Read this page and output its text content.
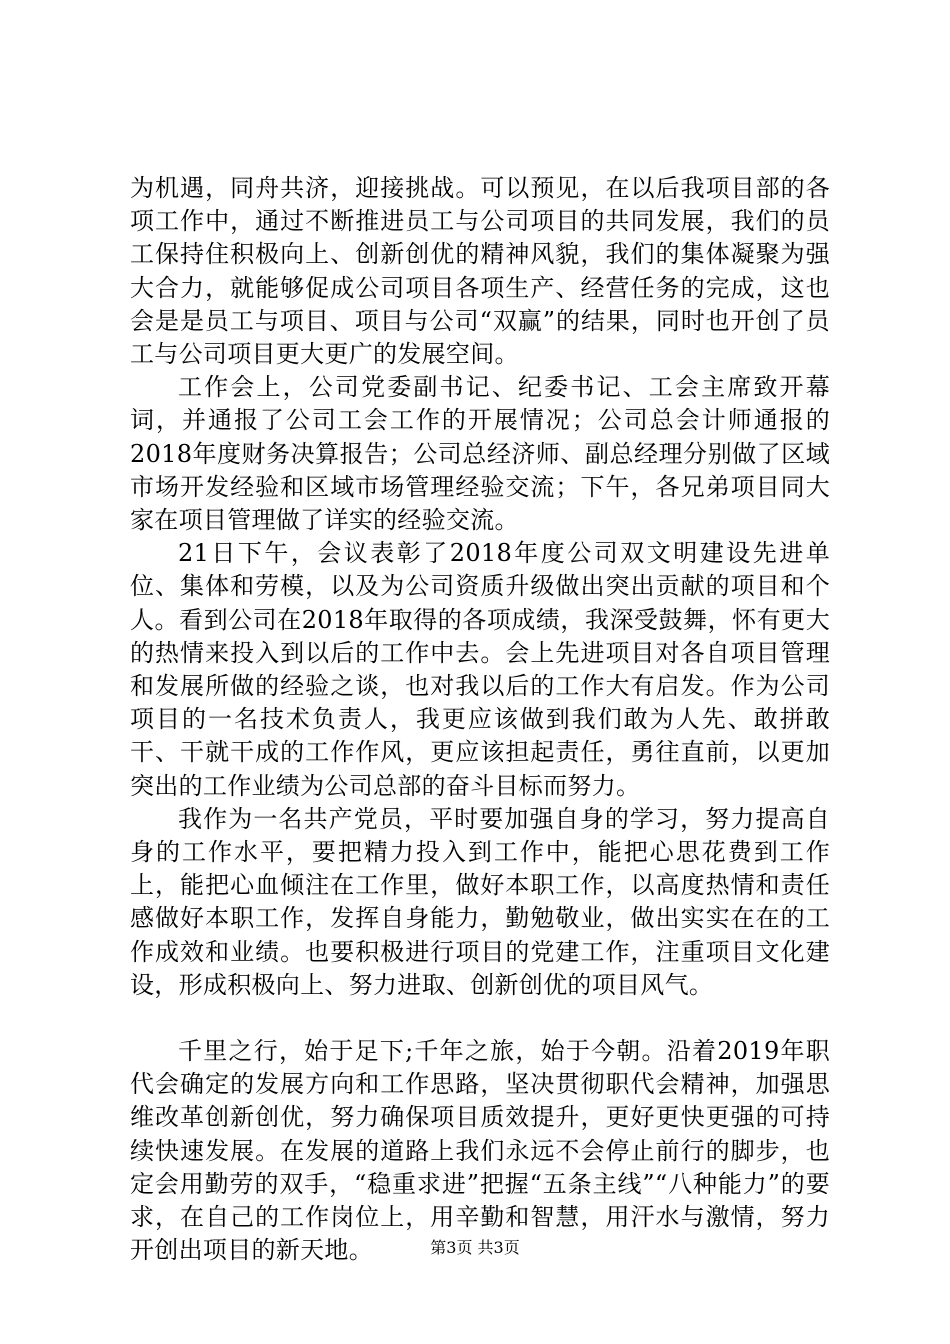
为机遇，同舟共济，迎接挑战。可以预见，在以后我项目部的各项工作中，通过不断推进员工与公司项目的共同发展，我们的员工保持住积极向上、创新创优的精神风貌，我们的集体凝聚为强大合力，就能够促成公司项目各项生产、经营任务的完成，这也会是是员工与项目、项目与公司“双赢”的结果，同时也开创了员工与公司项目更大更广的发展空间。

工作会上，公司党委副书记、纪委书记、工会主席致开幕词，并通报了公司工会工作的开展情况；公司总会计师通报的2018年度财务决算报告；公司总经济师、副总经理分别做了区域市场开发经验和区域市场管理经验交流；下午，各兄弟项目同大家在项目管理做了详实的经验交流。

21日下午，会议表彰了2018年度公司双文明建设先进单位、集体和劳模，以及为公司资质升级做出突出贡献的项目和个人。看到公司在2018年取得的各项成绩，我深受鼓舞，怀有更大的热情来投入到以后的工作中去。会上先进项目对各自项目管理和发展所做的经验之谈，也对我以后的工作大有启发。作为公司项目的一名技术负责人，我更应该做到我们敢为人先、敢拼敢干、干就干成的工作作风，更应该担起责任，勇往直前，以更加突出的工作业绩为公司总部的奋斗目标而努力。

我作为一名共产党员，平时要加强自身的学习，努力提高自身的工作水平，要把精力投入到工作中，能把心思花费到工作上，能把心血倾注在工作里，做好本职工作，以高度热情和责任感做好本职工作，发挥自身能力，勤勉敬业，做出实实在在的工作成效和业绩。也要积极进行项目的党建工作，注重项目文化建设，形成积极向上、努力进取、创新创优的项目风气。

千里之行，始于足下;千年之旅，始于今朝。沿着2019年职代会确定的发展方向和工作思路，坚决贯彻职代会精神，加强思维改革创新创优，努力确保项目质效提升，更好更快更强的可持续快速发展。在发展的道路上我们永远不会停止前行的脚步，也定会用勤劳的双手，“稳重求进”把握“五条主线”“八种能力”的要求，在自己的工作岗位上，用辛勤和智慧，用汗水与激情，努力开创出项目的新天地。	第3页 共3页
